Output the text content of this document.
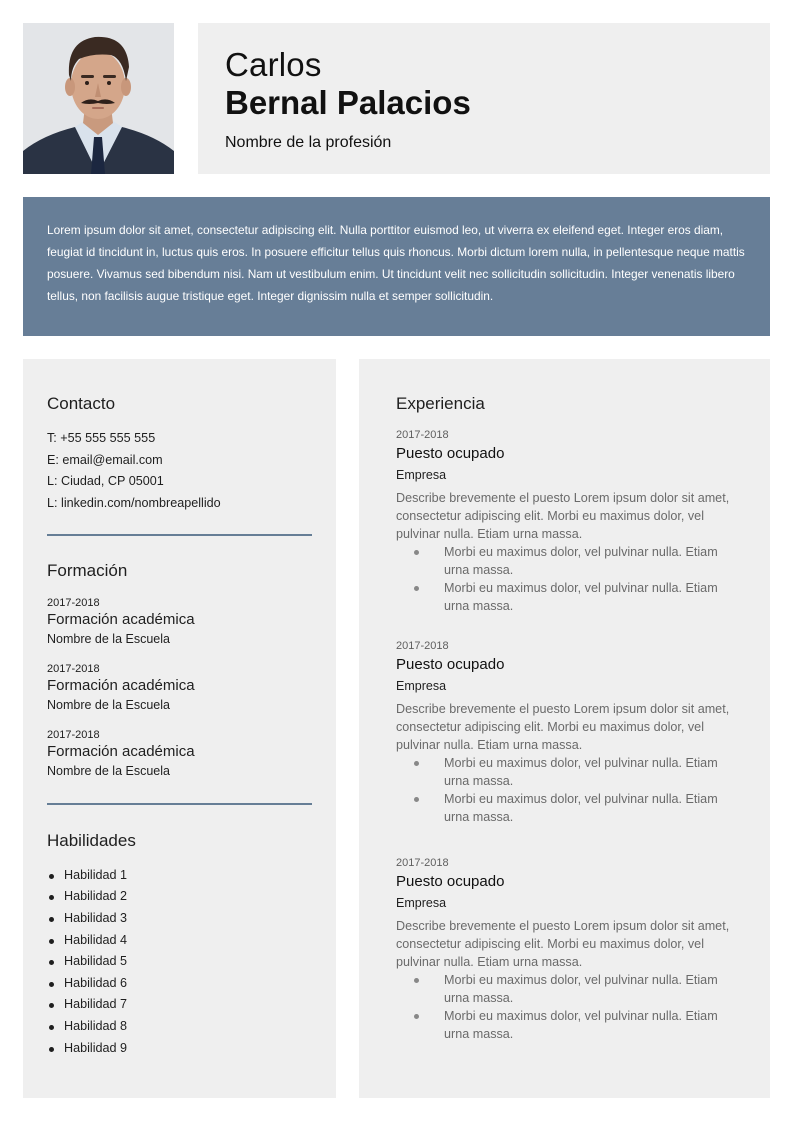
Carlos
Bernal Palacios
Nombre de la profesión

Lorem ipsum dolor sit amet, consectetur adipiscing elit. Nulla porttitor euismod leo, ut viverra ex eleifend eget. Integer eros diam, feugiat id tincidunt in, luctus quis eros. In posuere efficitur tellus quis rhoncus. Morbi dictum lorem nulla, in pellentesque neque mattis posuere. Vivamus sed bibendum nisi. Nam ut vestibulum enim. Ut tincidunt velit nec sollicitudin sollicitudin. Integer venenatis libero tellus, non facilisis augue tristique eget. Integer dignissim nulla et semper sollicitudin.

Contacto
T: +55 555 555 555
E: email@email.com
L: Ciudad, CP 05001
L: linkedin.com/nombreapellido
Formación
2017-2018
Formación académica
Nombre de la Escuela
2017-2018
Formación académica
Nombre de la Escuela
2017-2018
Formación académica
Nombre de la Escuela
Habilidades
Habilidad 1
Habilidad 2
Habilidad 3
Habilidad 4
Habilidad 5
Habilidad 6
Habilidad 7
Habilidad 8
Habilidad 9
Experiencia
2017-2018
Puesto ocupado
Empresa
Describe brevemente el puesto Lorem ipsum dolor sit amet, consectetur adipiscing elit. Morbi eu maximus dolor, vel pulvinar nulla. Etiam urna massa.
Morbi eu maximus dolor, vel pulvinar nulla. Etiam urna massa.
Morbi eu maximus dolor, vel pulvinar nulla. Etiam urna massa.
2017-2018
Puesto ocupado
Empresa
Describe brevemente el puesto Lorem ipsum dolor sit amet, consectetur adipiscing elit. Morbi eu maximus dolor, vel pulvinar nulla. Etiam urna massa.
Morbi eu maximus dolor, vel pulvinar nulla. Etiam urna massa.
Morbi eu maximus dolor, vel pulvinar nulla. Etiam urna massa.
2017-2018
Puesto ocupado
Empresa
Describe brevemente el puesto Lorem ipsum dolor sit amet, consectetur adipiscing elit. Morbi eu maximus dolor, vel pulvinar nulla. Etiam urna massa.
Morbi eu maximus dolor, vel pulvinar nulla. Etiam urna massa.
Morbi eu maximus dolor, vel pulvinar nulla. Etiam urna massa.
